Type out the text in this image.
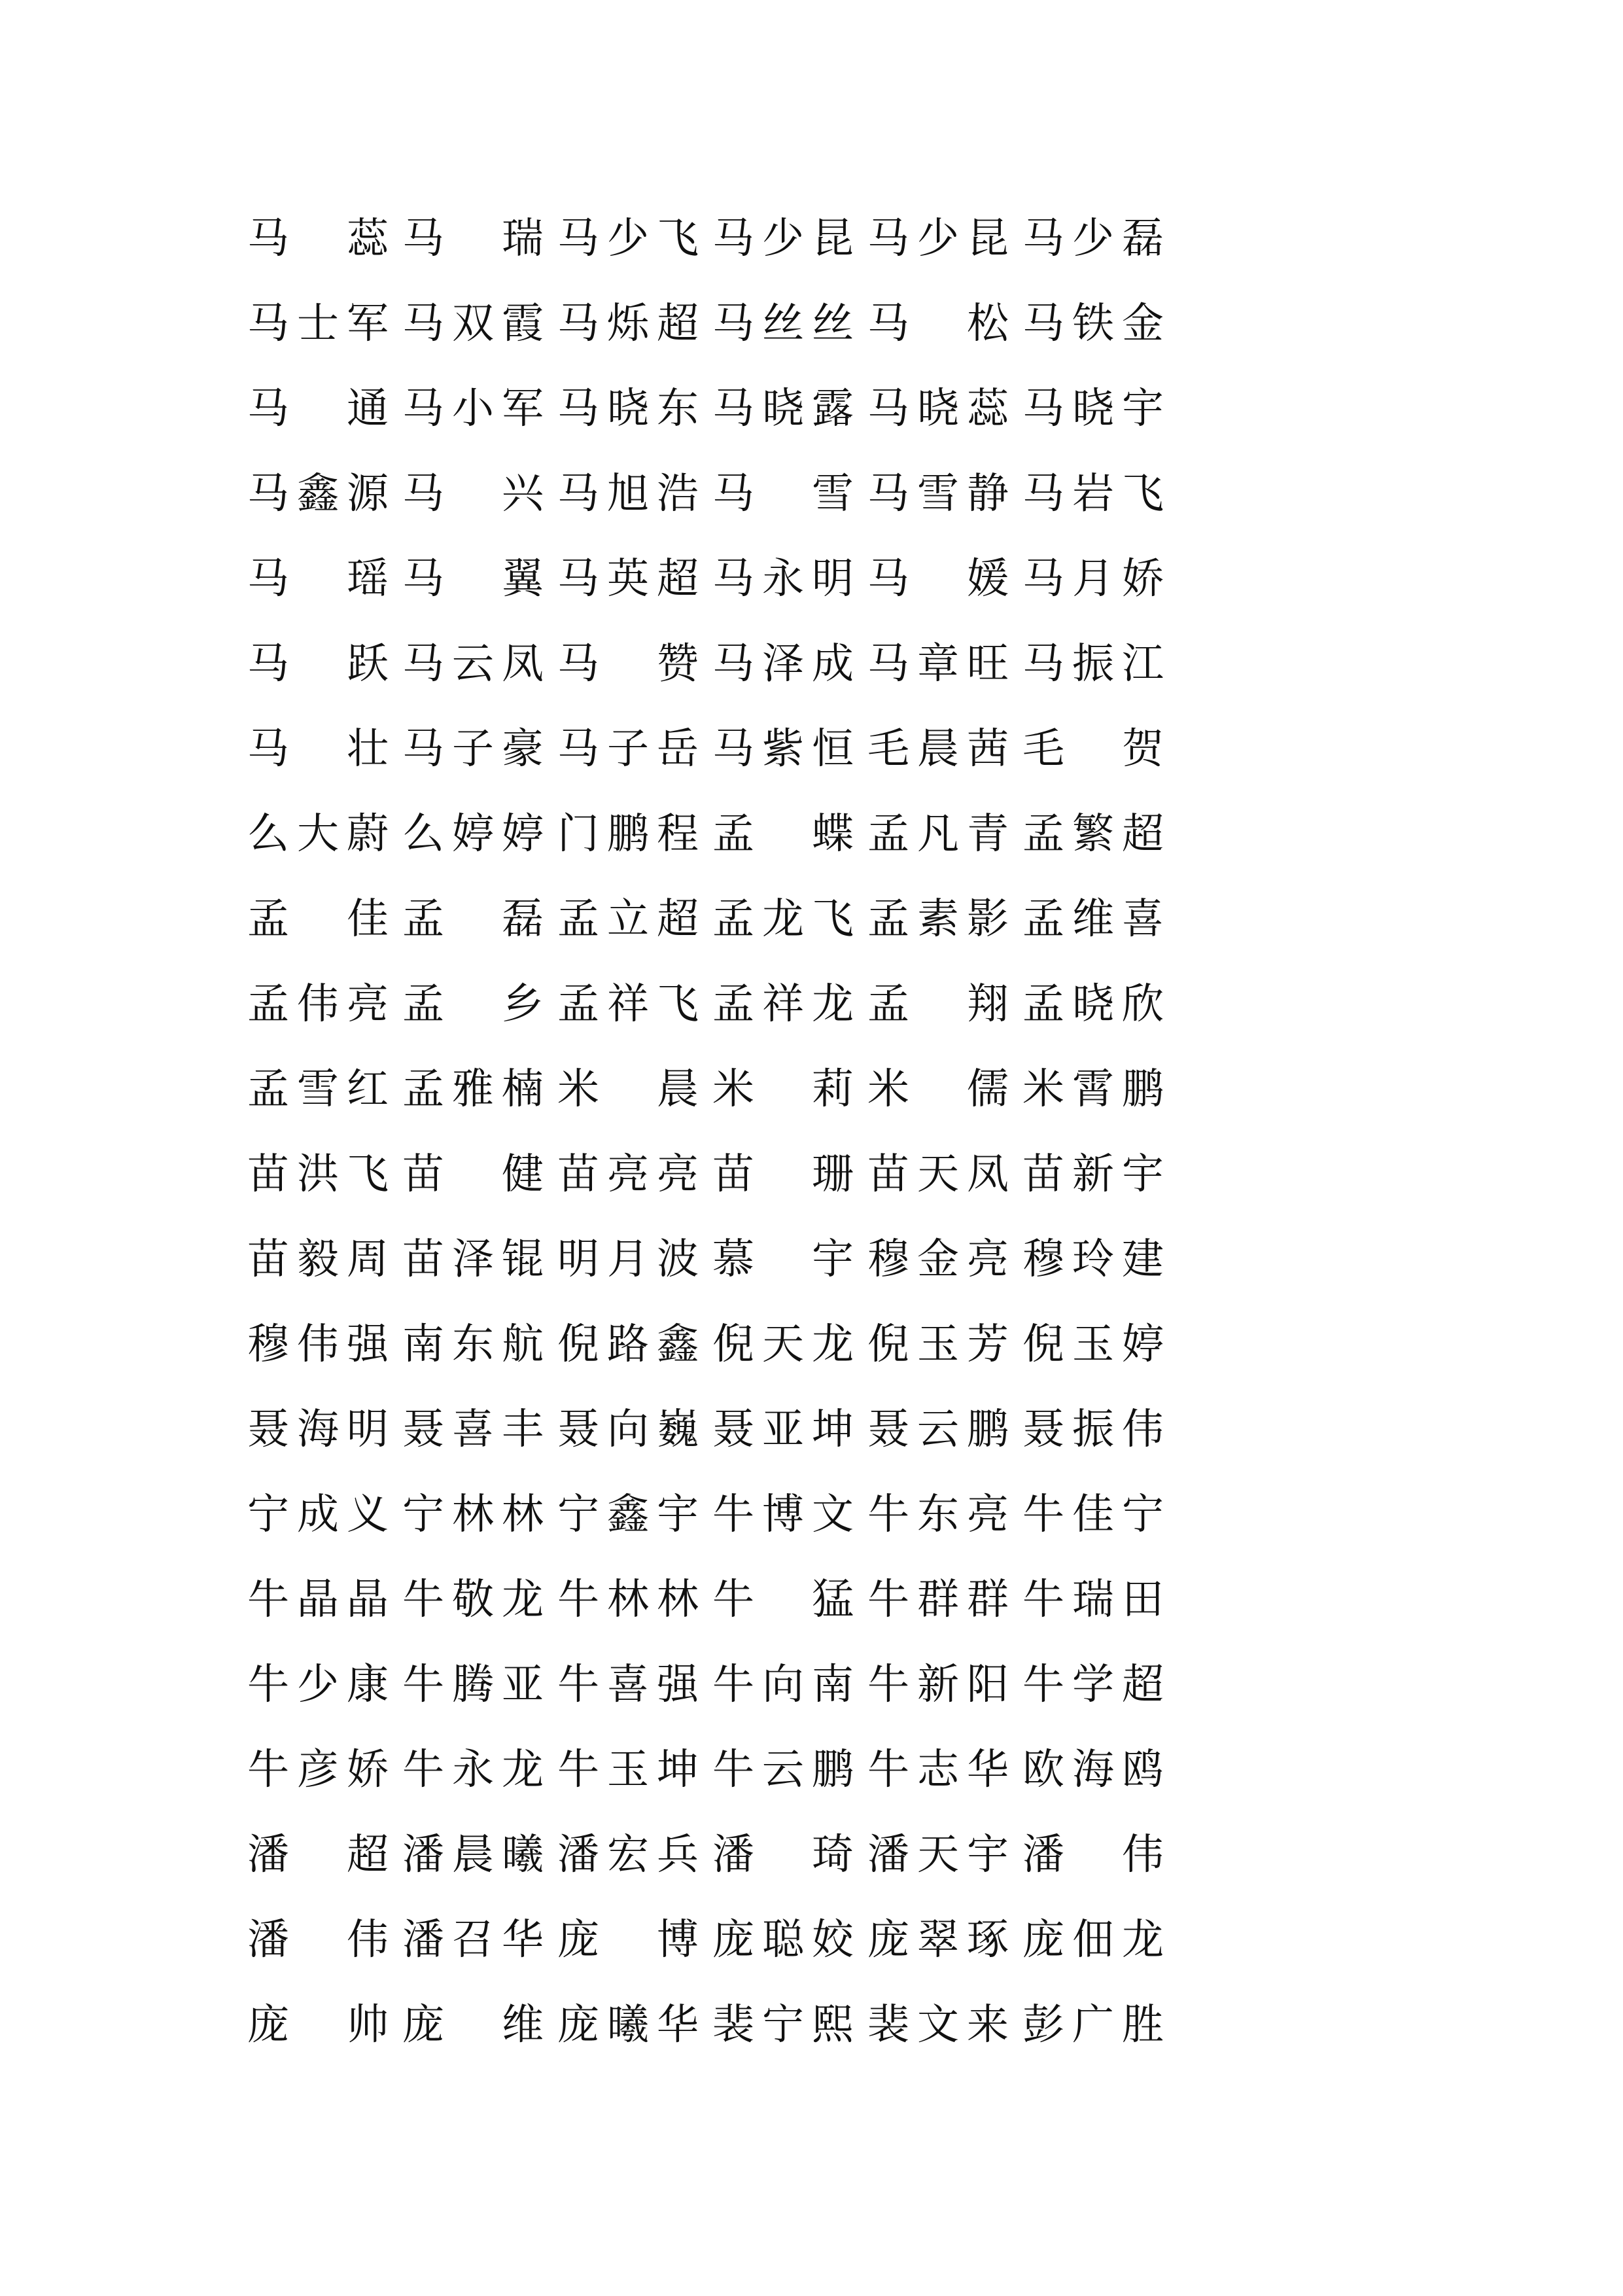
马 蕊 马 瑞 马 少 飞 马 少 昆 马 少 昆 马 少 磊
马 士 军 马 双 霞 马 烁 超 马 丝 丝 马 松 马 铁 金
马 通 马 小 军 马 晓 东 马 晓 露 马 晓 蕊 马 晓 宇
马 鑫 源 马 兴 马 旭 浩 马 雪 马 雪 静 马 岩 飞
马 瑶 马 翼 马 英 超 马 永 明 马 媛 马 月 娇
马 跃 马 云 凤 马 赞 马 泽 成 马 章 旺 马 振 江
马 壮 马 子 豪 马 子 岳 马 紫 恒 毛 晨 茜 毛 贺
么 大 蔚 么 婷 婷 门 鹏 程 孟 蝶 孟 凡 青 孟 繁 超
孟 佳 孟 磊 孟 立 超 孟 龙 飞 孟 素 影 孟 维 喜
孟 伟 亮 孟 乡 孟 祥 飞 孟 祥 龙 孟 翔 孟 晓 欣
孟 雪 红 孟 雅 楠 米 晨 米 莉 米 儒 米 霄 鹏
苗 洪 飞 苗 健 苗 亮 亮 苗 珊 苗 天 凤 苗 新 宇
苗 毅 周 苗 泽 锟 明 月 波 慕 宇 穆 金 亮 穆 玲 建
穆 伟 强 南 东 航 倪 路 鑫 倪 天 龙 倪 玉 芳 倪 玉 婷
聂 海 明 聂 喜 丰 聂 向 巍 聂 亚 坤 聂 云 鹏 聂 振 伟
宁 成 义 宁 林 林 宁 鑫 宇 牛 博 文 牛 东 亮 牛 佳 宁
牛 晶 晶 牛 敬 龙 牛 林 林 牛 猛 牛 群 群 牛 瑞 田
牛 少 康 牛 腾 亚 牛 喜 强 牛 向 南 牛 新 阳 牛 学 超
牛 彦 娇 牛 永 龙 牛 玉 坤 牛 云 鹏 牛 志 华 欧 海 鸥
潘 超 潘 晨 曦 潘 宏 兵 潘 琦 潘 天 宇 潘 伟
潘 伟 潘 召 华 庞 博 庞 聪 姣 庞 翠 琢 庞 佃 龙
庞 帅 庞 维 庞 曦 华 裴 宁 熙 裴 文 来 彭 广 胜
